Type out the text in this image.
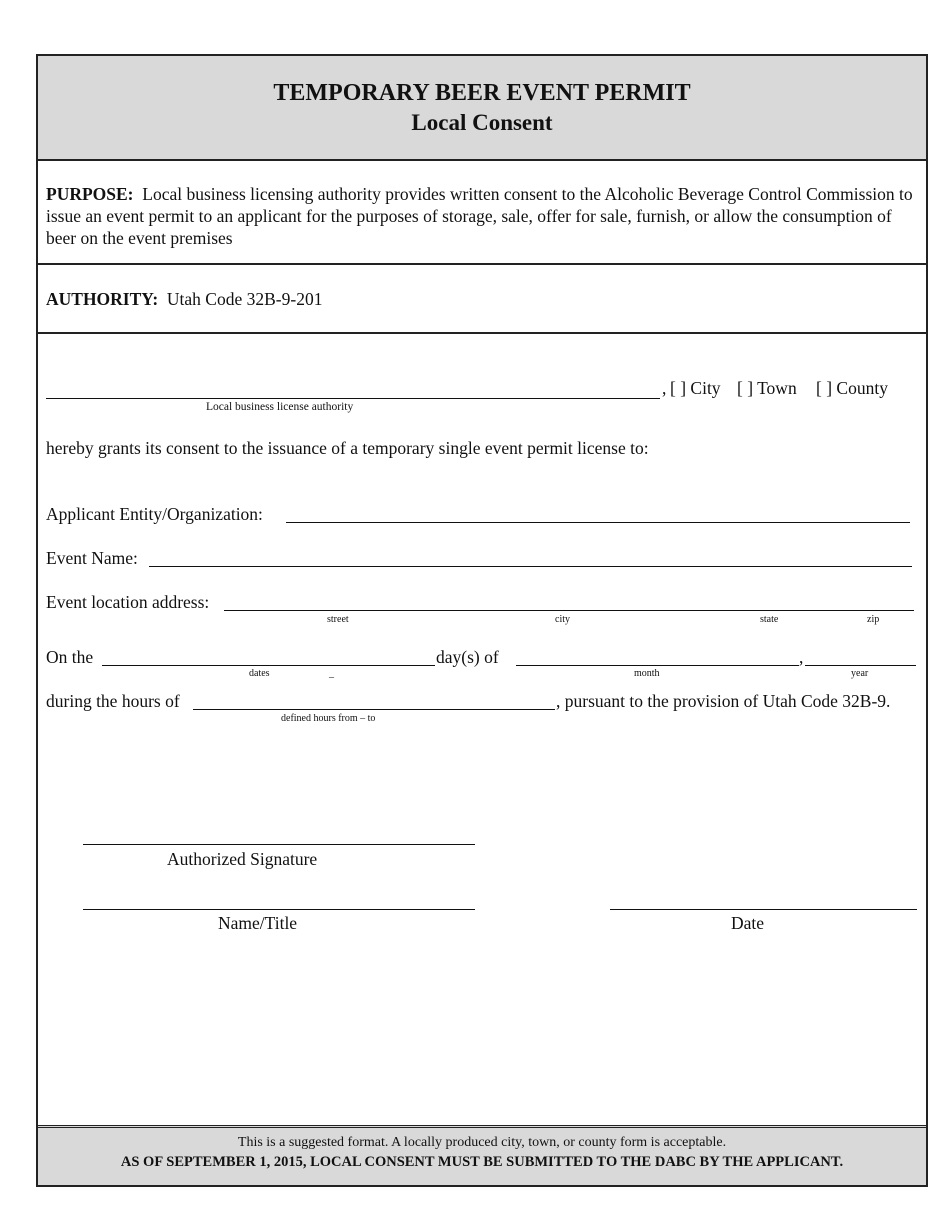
TEMPORARY BEER EVENT PERMIT
Local Consent
PURPOSE: Local business licensing authority provides written consent to the Alcoholic Beverage Control Commission to issue an event permit to an applicant for the purposes of storage, sale, offer for sale, furnish, or allow the consumption of beer on the event premises
AUTHORITY: Utah Code 32B-9-201
, [ ] City [ ] Town [ ] County
Local business license authority
hereby grants its consent to the issuance of a temporary single event permit license to:
Applicant Entity/Organization:
Event Name:
Event location address:
street	city	state	zip
On the	day(s) of	,
dates	_	month	year
during the hours of	, pursuant to the provision of Utah Code 32B-9.
defined hours from – to
Authorized Signature
Name/Title	Date
This is a suggested format. A locally produced city, town, or county form is acceptable.
AS OF SEPTEMBER 1, 2015, LOCAL CONSENT MUST BE SUBMITTED TO THE DABC BY THE APPLICANT.
